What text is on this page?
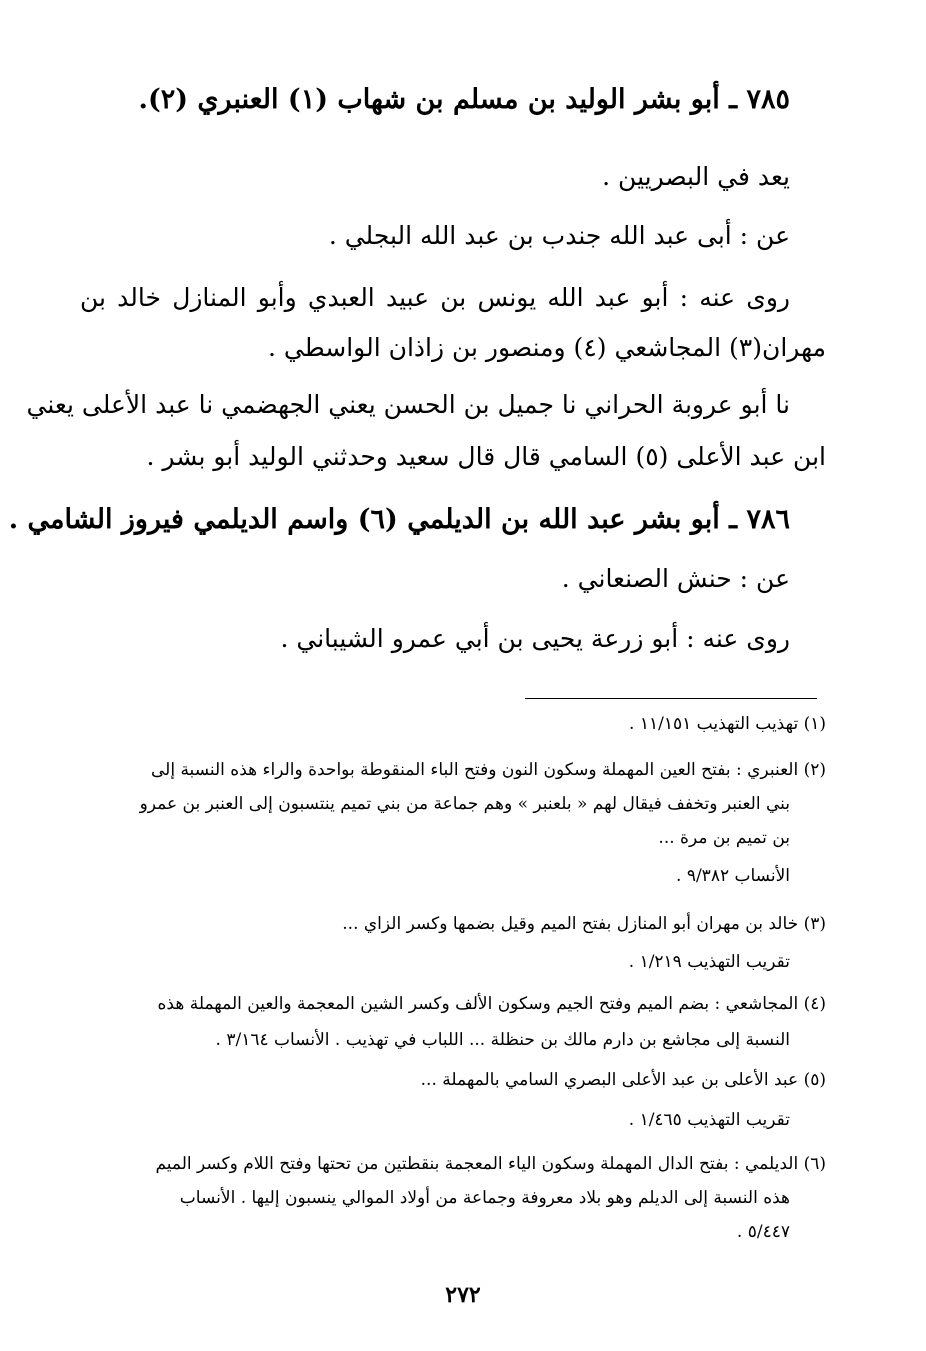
٧٨٥ ـ أبو بشر الوليد بن مسلم بن شهاب (١) العنبري (٢).
يعد في البصريين .
عن : أبى عبد الله جندب بن عبد الله البجلي .
روى عنه : أبو عبد الله يونس بن عبيد العبدي وأبو المنازل خالد بن
مهران(٣) المجاشعي (٤) ومنصور بن زاذان الواسطي .
نا أبو عروبة الحراني نا جميل بن الحسن يعني الجهضمي نا عبد الأعلى يعني
ابن عبد الأعلى (٥) السامي قال قال سعيد وحدثني الوليد أبو بشر .
٧٨٦ ـ أبو بشر عبد الله بن الديلمي (٦) واسم الديلمي فيروز الشامي .
عن : حنش الصنعاني .
روى عنه : أبو زرعة يحيى بن أبي عمرو الشيباني .
(١) تهذيب التهذيب ١١/١٥١ .
(٢) العنبري : بفتح العين المهملة وسكون النون وفتح الباء المنقوطة بواحدة والراء هذه النسبة إلى
بني العنبر وتخفف فيقال لهم « بلعنبر » وهم جماعة من بني تميم ينتسبون إلى العنبر بن عمرو
بن تميم بن مرة ...
الأنساب ٩/٣٨٢ .
(٣) خالد بن مهران أبو المنازل بفتح الميم وقيل بضمها وكسر الزاي ...
تقريب التهذيب ١/٢١٩ .
(٤) المجاشعي : بضم الميم وفتح الجيم وسكون الألف وكسر الشين المعجمة والعين المهملة هذه
النسبة إلى مجاشع بن دارم مالك بن حنظلة ... اللباب في تهذيب . الأنساب ٣/١٦٤ .
(٥) عبد الأعلى بن عبد الأعلى البصري السامي بالمهملة ...
تقريب التهذيب ١/٤٦٥ .
(٦) الديلمي : بفتح الدال المهملة وسكون الياء المعجمة بنقطتين من تحتها وفتح اللام وكسر الميم
هذه النسبة إلى الديلم وهو بلاد معروفة وجماعة من أولاد الموالي ينسبون إليها . الأنساب
٥/٤٤٧ .
٢٧٢
